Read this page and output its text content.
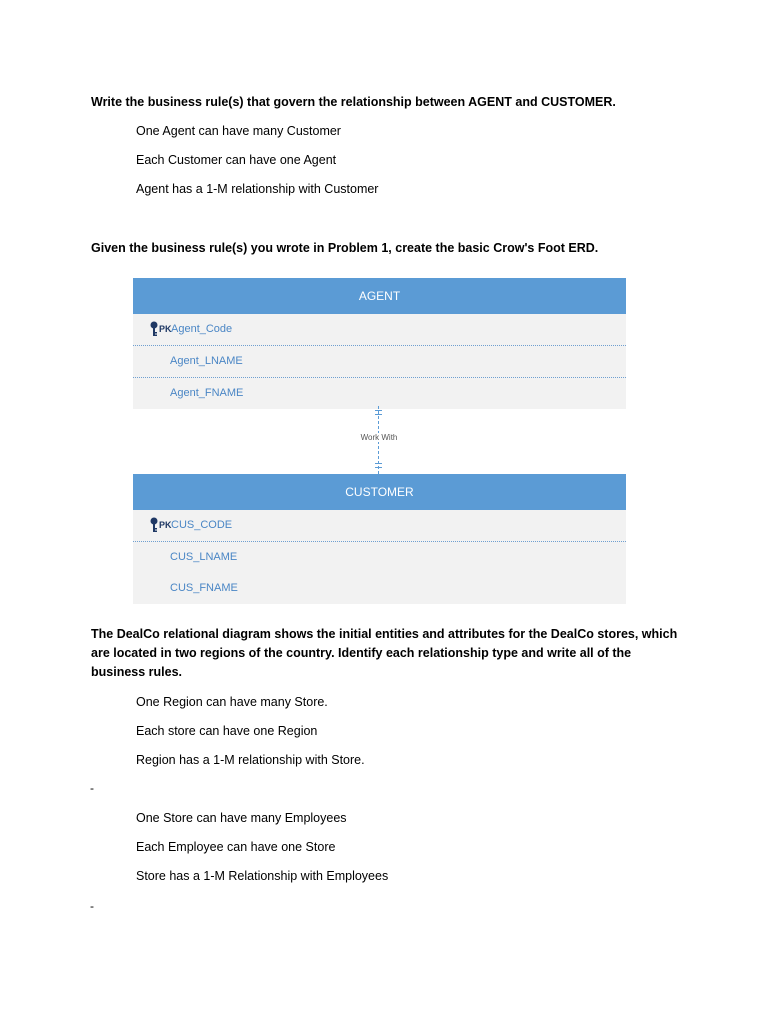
Write the business rule(s) that govern the relationship between AGENT and CUSTOMER.
One Agent can have many Customer
Each Customer can have one Agent
Agent has a 1-M relationship with Customer
Given the business rule(s) you wrote in Problem 1, create the basic Crow's Foot ERD.
AGENT
PK Agent_Code
Agent_LNAME
Agent_FNAME
Work With
CUSTOMER
PK CUS_CODE
CUS_LNAME
CUS_FNAME
The DealCo relational diagram shows the initial entities and attributes for the DealCo stores, which are located in two regions of the country. Identify each relationship type and write all of the business rules.
One Region can have many Store.
Each store can have one Region
Region has a 1-M relationship with Store.
-
One Store can have many Employees
Each Employee can have one Store
Store has a 1-M Relationship with Employees
-
